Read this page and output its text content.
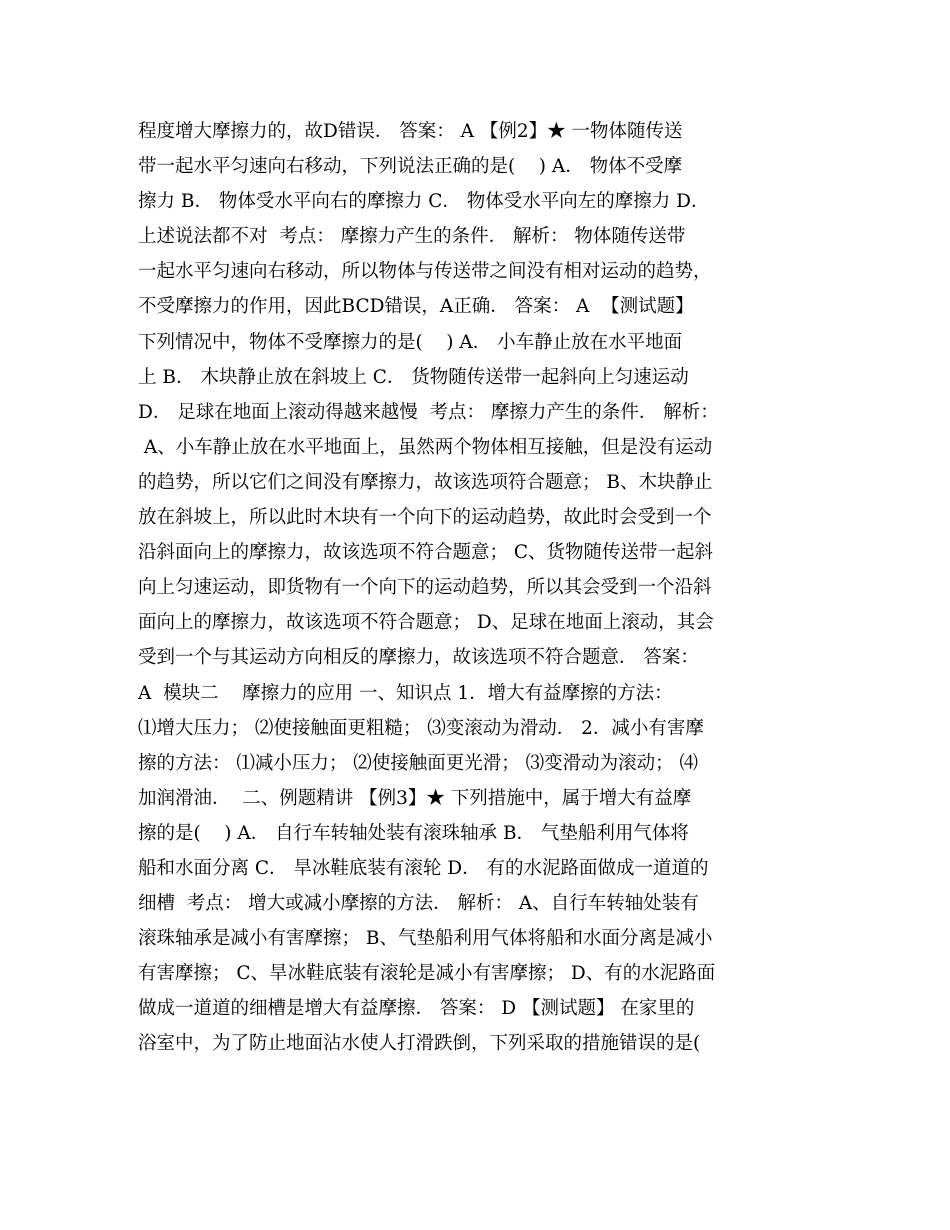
程度增大摩擦力的，故D错误． 答案： A 【例2】★ 一物体随传送
带一起水平匀速向右移动，下列说法正确的是(    ) A． 物体不受摩
擦力 B． 物体受水平向右的摩擦力 C． 物体受水平向左的摩擦力 D．
上述说法都不对  考点： 摩擦力产生的条件． 解析： 物体随传送带
一起水平匀速向右移动，所以物体与传送带之间没有相对运动的趋势，
不受摩擦力的作用，因此BCD错误，A正确． 答案： A  【测试题】
下列情况中，物体不受摩擦力的是(    ) A． 小车静止放在水平地面
上 B． 木块静止放在斜坡上 C． 货物随传送带一起斜向上匀速运动
D． 足球在地面上滚动得越来越慢  考点： 摩擦力产生的条件． 解析：
A、小车静止放在水平地面上，虽然两个物体相互接触，但是没有运动
的趋势，所以它们之间没有摩擦力，故该选项符合题意； B、木块静止
放在斜坡上，所以此时木块有一个向下的运动趋势，故此时会受到一个
沿斜面向上的摩擦力，故该选项不符合题意； C、货物随传送带一起斜
向上匀速运动，即货物有一个向下的运动趋势，所以其会受到一个沿斜
面向上的摩擦力，故该选项不符合题意； D、足球在地面上滚动，其会
受到一个与其运动方向相反的摩擦力，故该选项不符合题意． 答案：
A  模块二    摩擦力的应用 一、知识点 1．增大有益摩擦的方法：
⑴增大压力； ⑵使接触面更粗糙； ⑶变滚动为滑动． 2．减小有害摩
擦的方法： ⑴减小压力； ⑵使接触面更光滑； ⑶变滑动为滚动； ⑷
加润滑油．  二、例题精讲 【例3】★ 下列措施中，属于增大有益摩
擦的是(    ) A． 自行车转轴处装有滚珠轴承 B． 气垫船利用气体将
船和水面分离 C． 旱冰鞋底装有滚轮 D． 有的水泥路面做成一道道的
细槽  考点： 增大或减小摩擦的方法． 解析： A、自行车转轴处装有
滚珠轴承是减小有害摩擦； B、气垫船利用气体将船和水面分离是减小
有害摩擦； C、旱冰鞋底装有滚轮是减小有害摩擦； D、有的水泥路面
做成一道道的细槽是增大有益摩擦． 答案： D 【测试题】 在家里的
浴室中，为了防止地面沾水使人打滑跌倒，下列采取的措施错误的是(
